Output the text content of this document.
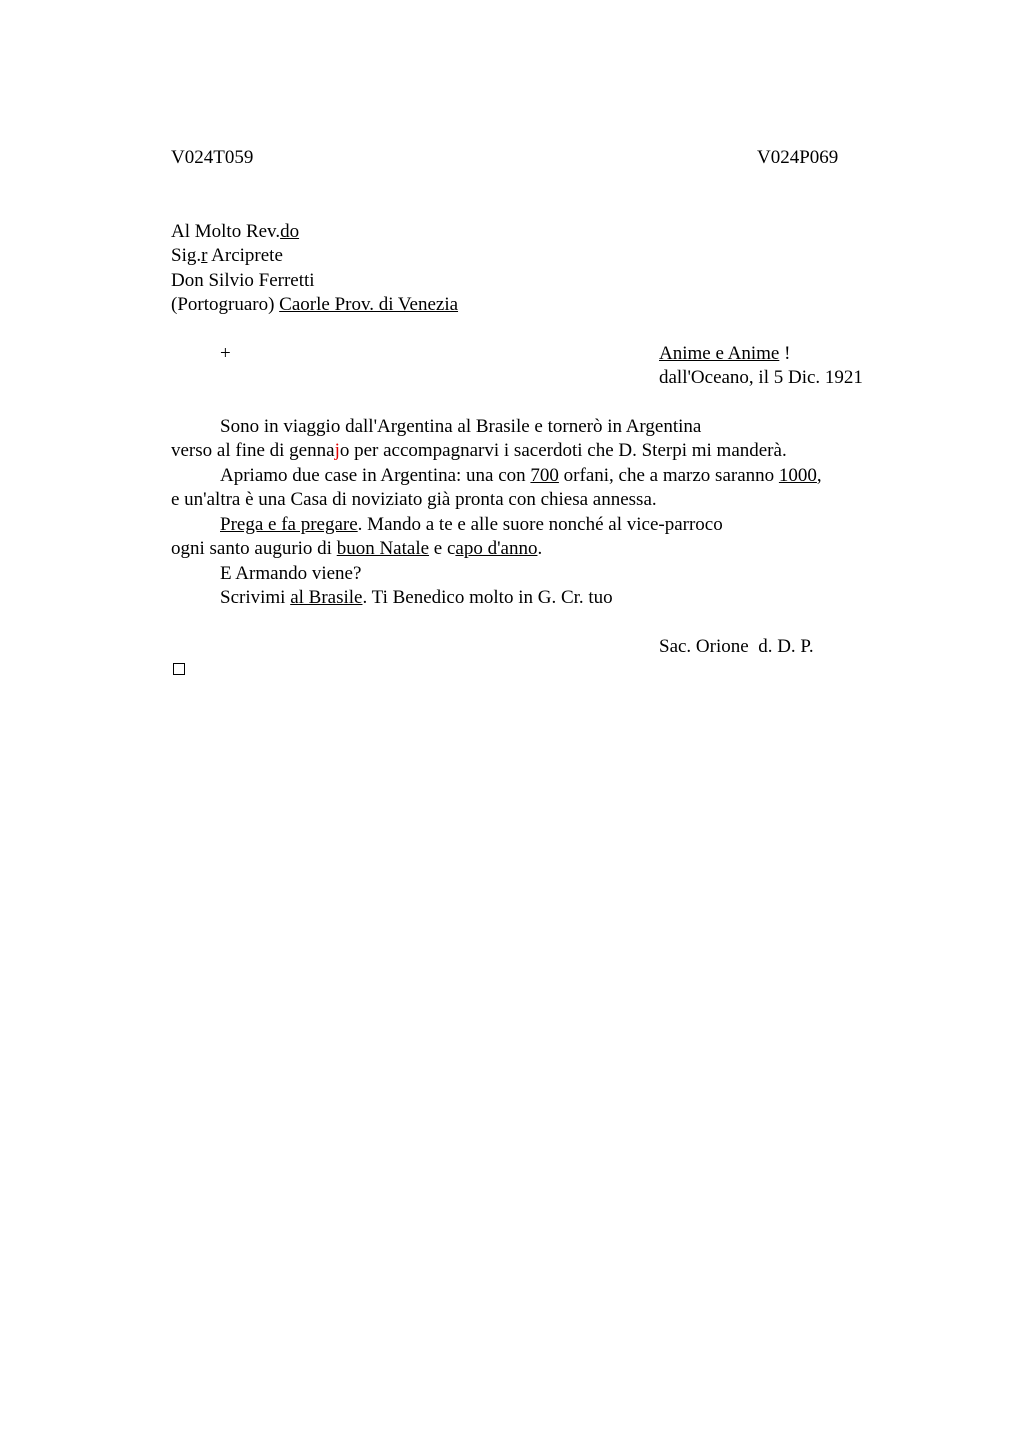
V024T059	V024P069
Al Molto Rev.do
Sig.r Arciprete
Don Silvio Ferretti
(Portogruaro) Caorle Prov. di Venezia
+	Anime e Anime !
dall'Oceano, il 5 Dic. 1921
Sono in viaggio dall'Argentina al Brasile e tornerò in Argentina
verso al fine di gennajo per accompagnarvi i sacerdoti che D. Sterpi mi manderà.
Apriamo due case in Argentina: una con 700 orfani, che a marzo saranno 1000,
e un'altra è una Casa di noviziato già pronta con chiesa annessa.
Prega e fa pregare. Mando a te e alle suore nonché al vice-parroco
ogni santo augurio di buon Natale e capo d'anno.
E Armando viene?
Scrivimi al Brasile. Ti Benedico molto in G. Cr. tuo
Sac. Orione  d. D. P.
